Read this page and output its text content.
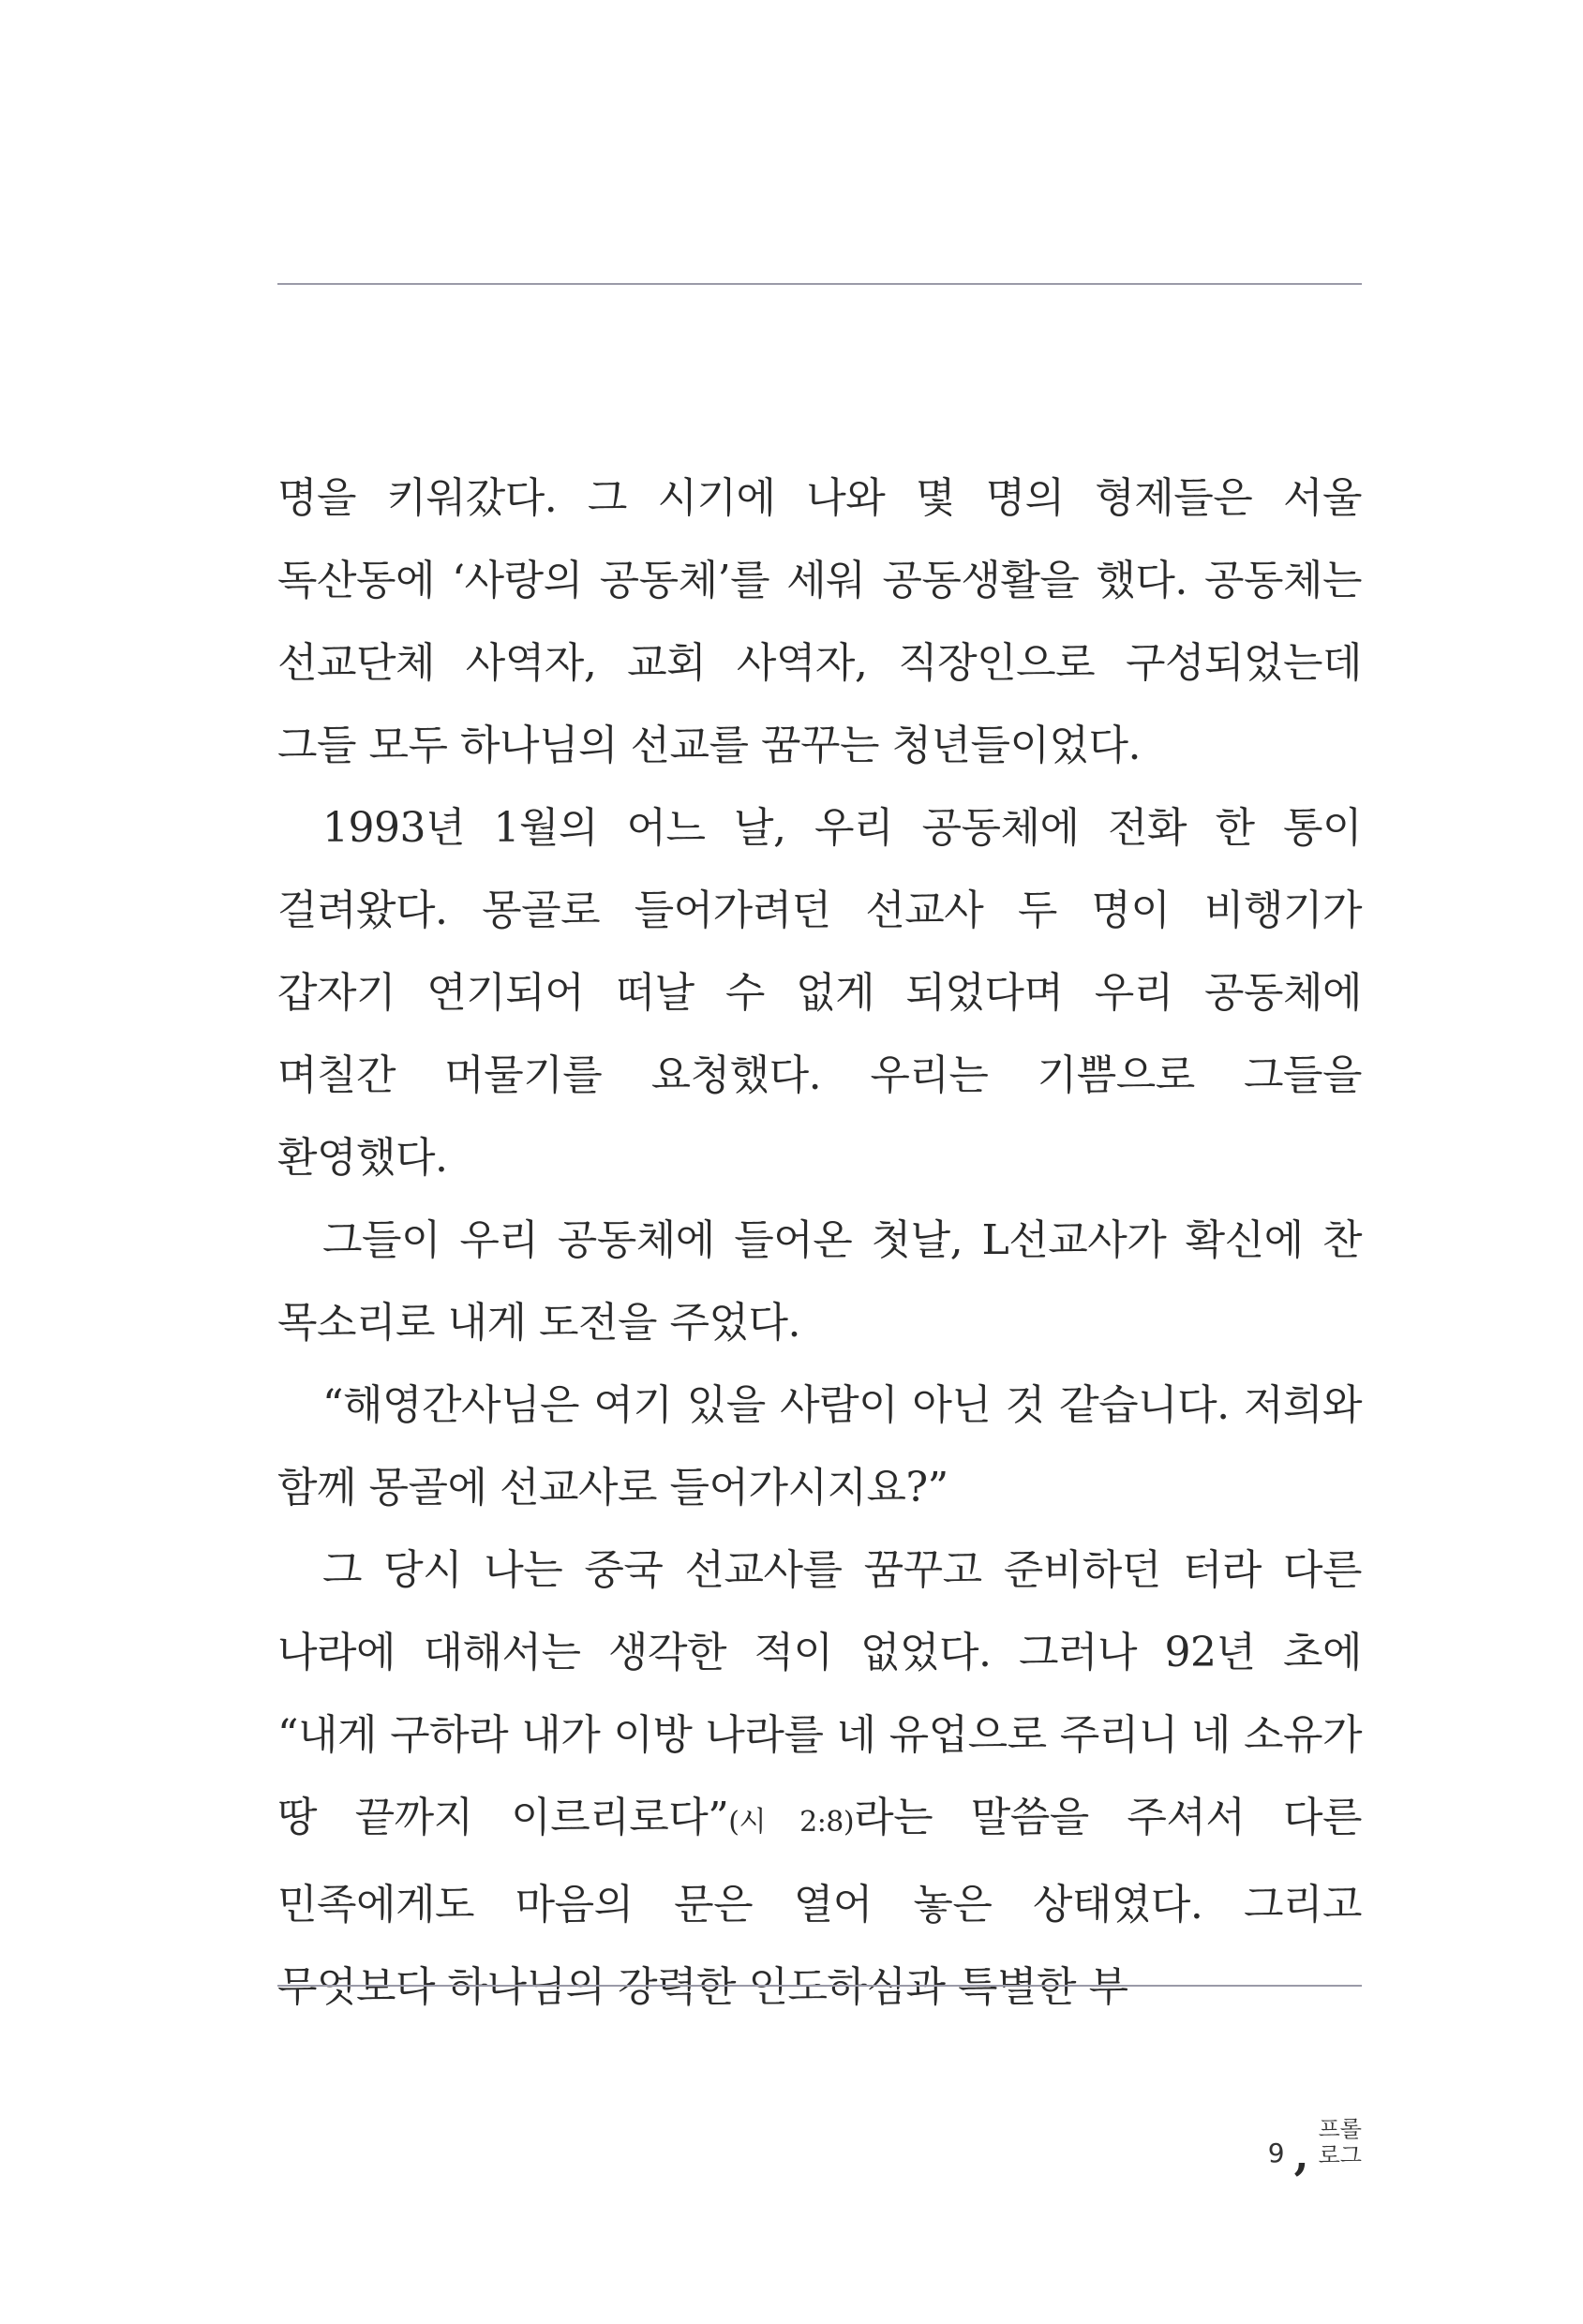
명을 키워갔다. 그 시기에 나와 몇 명의 형제들은 서울 독산동에 ‘사랑의 공동체’를 세워 공동생활을 했다. 공동체는 선교단체 사역자, 교회 사역자, 직장인으로 구성되었는데 그들 모두 하나님의 선교를 꿈꾸는 청년들이었다.

1993년 1월의 어느 날, 우리 공동체에 전화 한 통이 걸려왔다. 몽골로 들어가려던 선교사 두 명이 비행기가 갑자기 연기되어 떠날 수 없게 되었다며 우리 공동체에 며칠간 머물기를 요청했다. 우리는 기쁨으로 그들을 환영했다.

그들이 우리 공동체에 들어온 첫날, L선교사가 확신에 찬 목소리로 내게 도전을 주었다.

“해영간사님은 여기 있을 사람이 아닌 것 같습니다. 저희와 함께 몽골에 선교사로 들어가시지요?”

그 당시 나는 중국 선교사를 꿈꾸고 준비하던 터라 다른 나라에 대해서는 생각한 적이 없었다. 그러나 92년 초에 “내게 구하라 내가 이방 나라를 네 유업으로 주리니 네 소유가 땅 끝까지 이르리로다”(시 2:8)라는 말씀을 주셔서 다른 민족에게도 마음의 문은 열어 놓은 상태였다. 그리고 무엇보다 하나님의 강력한 인도하심과 특별한 부

9 , 프롤
로그
